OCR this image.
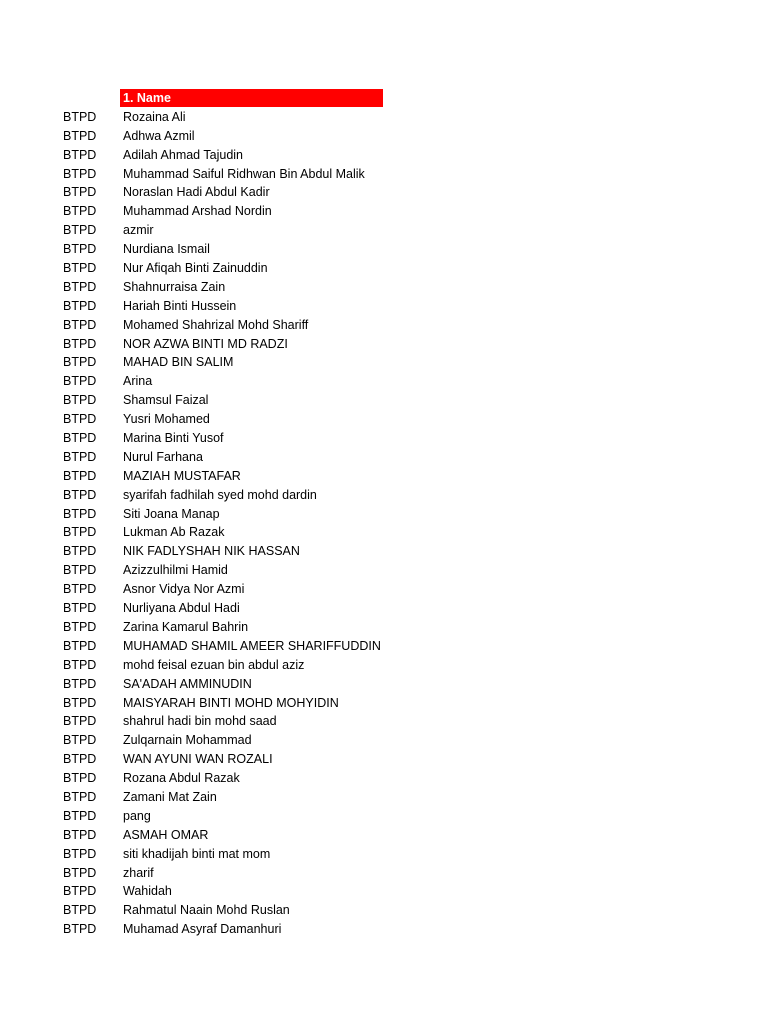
1. Name
BTPD Rozaina Ali
BTPD Adhwa Azmil
BTPD Adilah Ahmad Tajudin
BTPD Muhammad Saiful Ridhwan Bin Abdul Malik
BTPD Noraslan Hadi Abdul Kadir
BTPD Muhammad Arshad Nordin
BTPD azmir
BTPD Nurdiana Ismail
BTPD Nur Afiqah Binti Zainuddin
BTPD Shahnurraisa Zain
BTPD Hariah Binti Hussein
BTPD Mohamed Shahrizal Mohd Shariff
BTPD NOR AZWA BINTI MD RADZI
BTPD MAHAD BIN SALIM
BTPD Arina
BTPD Shamsul Faizal
BTPD Yusri Mohamed
BTPD Marina Binti Yusof
BTPD Nurul Farhana
BTPD MAZIAH MUSTAFAR
BTPD syarifah fadhilah syed mohd dardin
BTPD Siti Joana Manap
BTPD Lukman Ab Razak
BTPD NIK FADLYSHAH NIK HASSAN
BTPD Azizzulhilmi Hamid
BTPD Asnor Vidya Nor Azmi
BTPD Nurliyana Abdul Hadi
BTPD Zarina Kamarul Bahrin
BTPD MUHAMAD SHAMIL AMEER SHARIFFUDDIN
BTPD mohd feisal ezuan bin abdul aziz
BTPD SA'ADAH AMMINUDIN
BTPD MAISYARAH BINTI MOHD MOHYIDIN
BTPD shahrul hadi bin mohd saad
BTPD Zulqarnain Mohammad
BTPD WAN AYUNI WAN ROZALI
BTPD Rozana Abdul Razak
BTPD Zamani Mat Zain
BTPD pang
BTPD ASMAH OMAR
BTPD siti khadijah binti mat mom
BTPD zharif
BTPD Wahidah
BTPD Rahmatul Naain Mohd Ruslan
BTPD Muhamad Asyraf Damanhuri
